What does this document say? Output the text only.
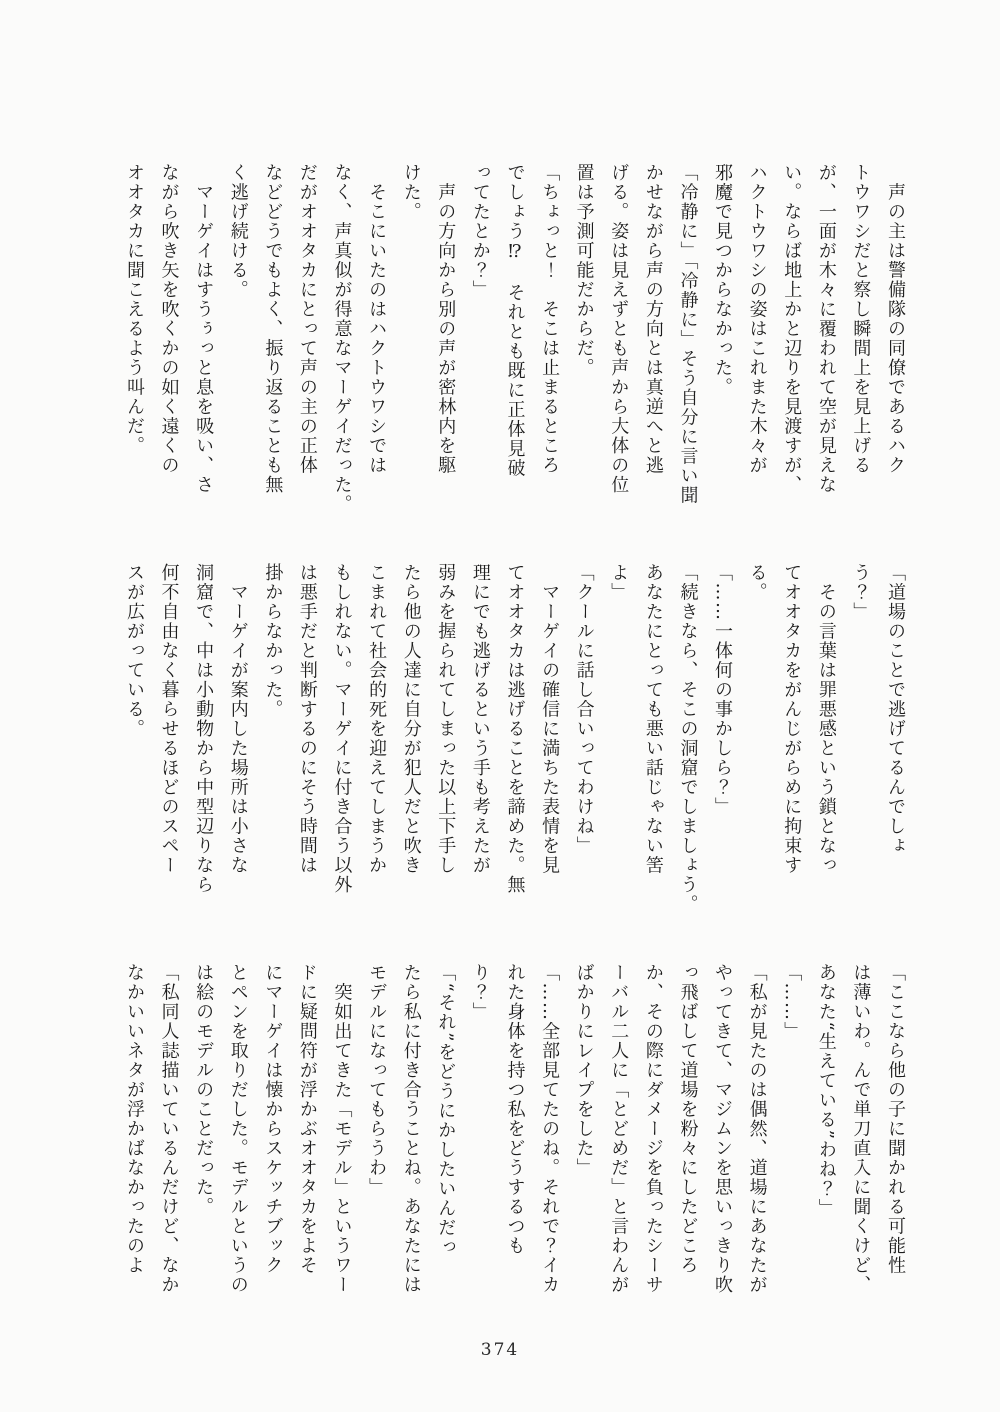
　声の主は警備隊の同僚であるハク

トウワシだと察し瞬間上を見上げる

が、一面が木々に覆われて空が見えな

い。ならば地上かと辺りを見渡すが、

ハクトウワシの姿はこれまた木々が

邪魔で見つからなかった。

「冷静に」「冷静に」そう自分に言い聞

かせながら声の方向とは真逆へと逃

げる。姿は見えずとも声から大体の位

置は予測可能だからだ。

「ちょっと！　そこは止まるところ

でしょう⁉　それとも既に正体見破

ってたとか？」

　声の方向から別の声が密林内を駆

けた。

　そこにいたのはハクトウワシでは

なく、声真似が得意なマーゲイだった。

だがオオタカにとって声の主の正体

などどうでもよく、振り返ることも無

く逃げ続ける。

　マーゲイはすうぅっと息を吸い、さ

ながら吹き矢を吹くかの如く遠くの

オオタカに聞こえるよう叫んだ。

「道場のことで逃げてるんでしょ

う？」

　その言葉は罪悪感という鎖となっ

てオオタカをがんじがらめに拘束す

る。

「……一体何の事かしら？」

「続きなら、そこの洞窟でしましょう。

あなたにとっても悪い話じゃない筈

よ」

「クールに話し合いってわけね」

　マーゲイの確信に満ちた表情を見

てオオタカは逃げることを諦めた。無

理にでも逃げるという手も考えたが

弱みを握られてしまった以上下手し

たら他の人達に自分が犯人だと吹き

こまれて社会的死を迎えてしまうか

もしれない。マーゲイに付き合う以外

は悪手だと判断するのにそう時間は

掛からなかった。

　マーゲイが案内した場所は小さな

洞窟で、中は小動物から中型辺りなら

何不自由なく暮らせるほどのスペー

スが広がっている。

「ここなら他の子に聞かれる可能性

は薄いわ。んで単刀直入に聞くけど、

あなた“生えている”わね？」

「……」

「私が見たのは偶然、道場にあなたが

やってきて、マジムンを思いっきり吹

っ飛ばして道場を粉々にしたどころ

か、その際にダメージを負ったシーサ

ーバル二人に「とどめだ」と言わんが

ばかりにレイプをした」

「……全部見てたのね。それで？イカ

れた身体を持つ私をどうするつも

り？」

「“それ”をどうにかしたいんだっ

たら私に付き合うことね。あなたには

モデルになってもらうわ」

　突如出てきた「モデル」というワー

ドに疑問符が浮かぶオオタカをよそ

にマーゲイは懐からスケッチブック

とペンを取りだした。モデルというの

は絵のモデルのことだった。

「私同人誌描いているんだけど、なか

なかいいネタが浮かばなかったのよ

374
